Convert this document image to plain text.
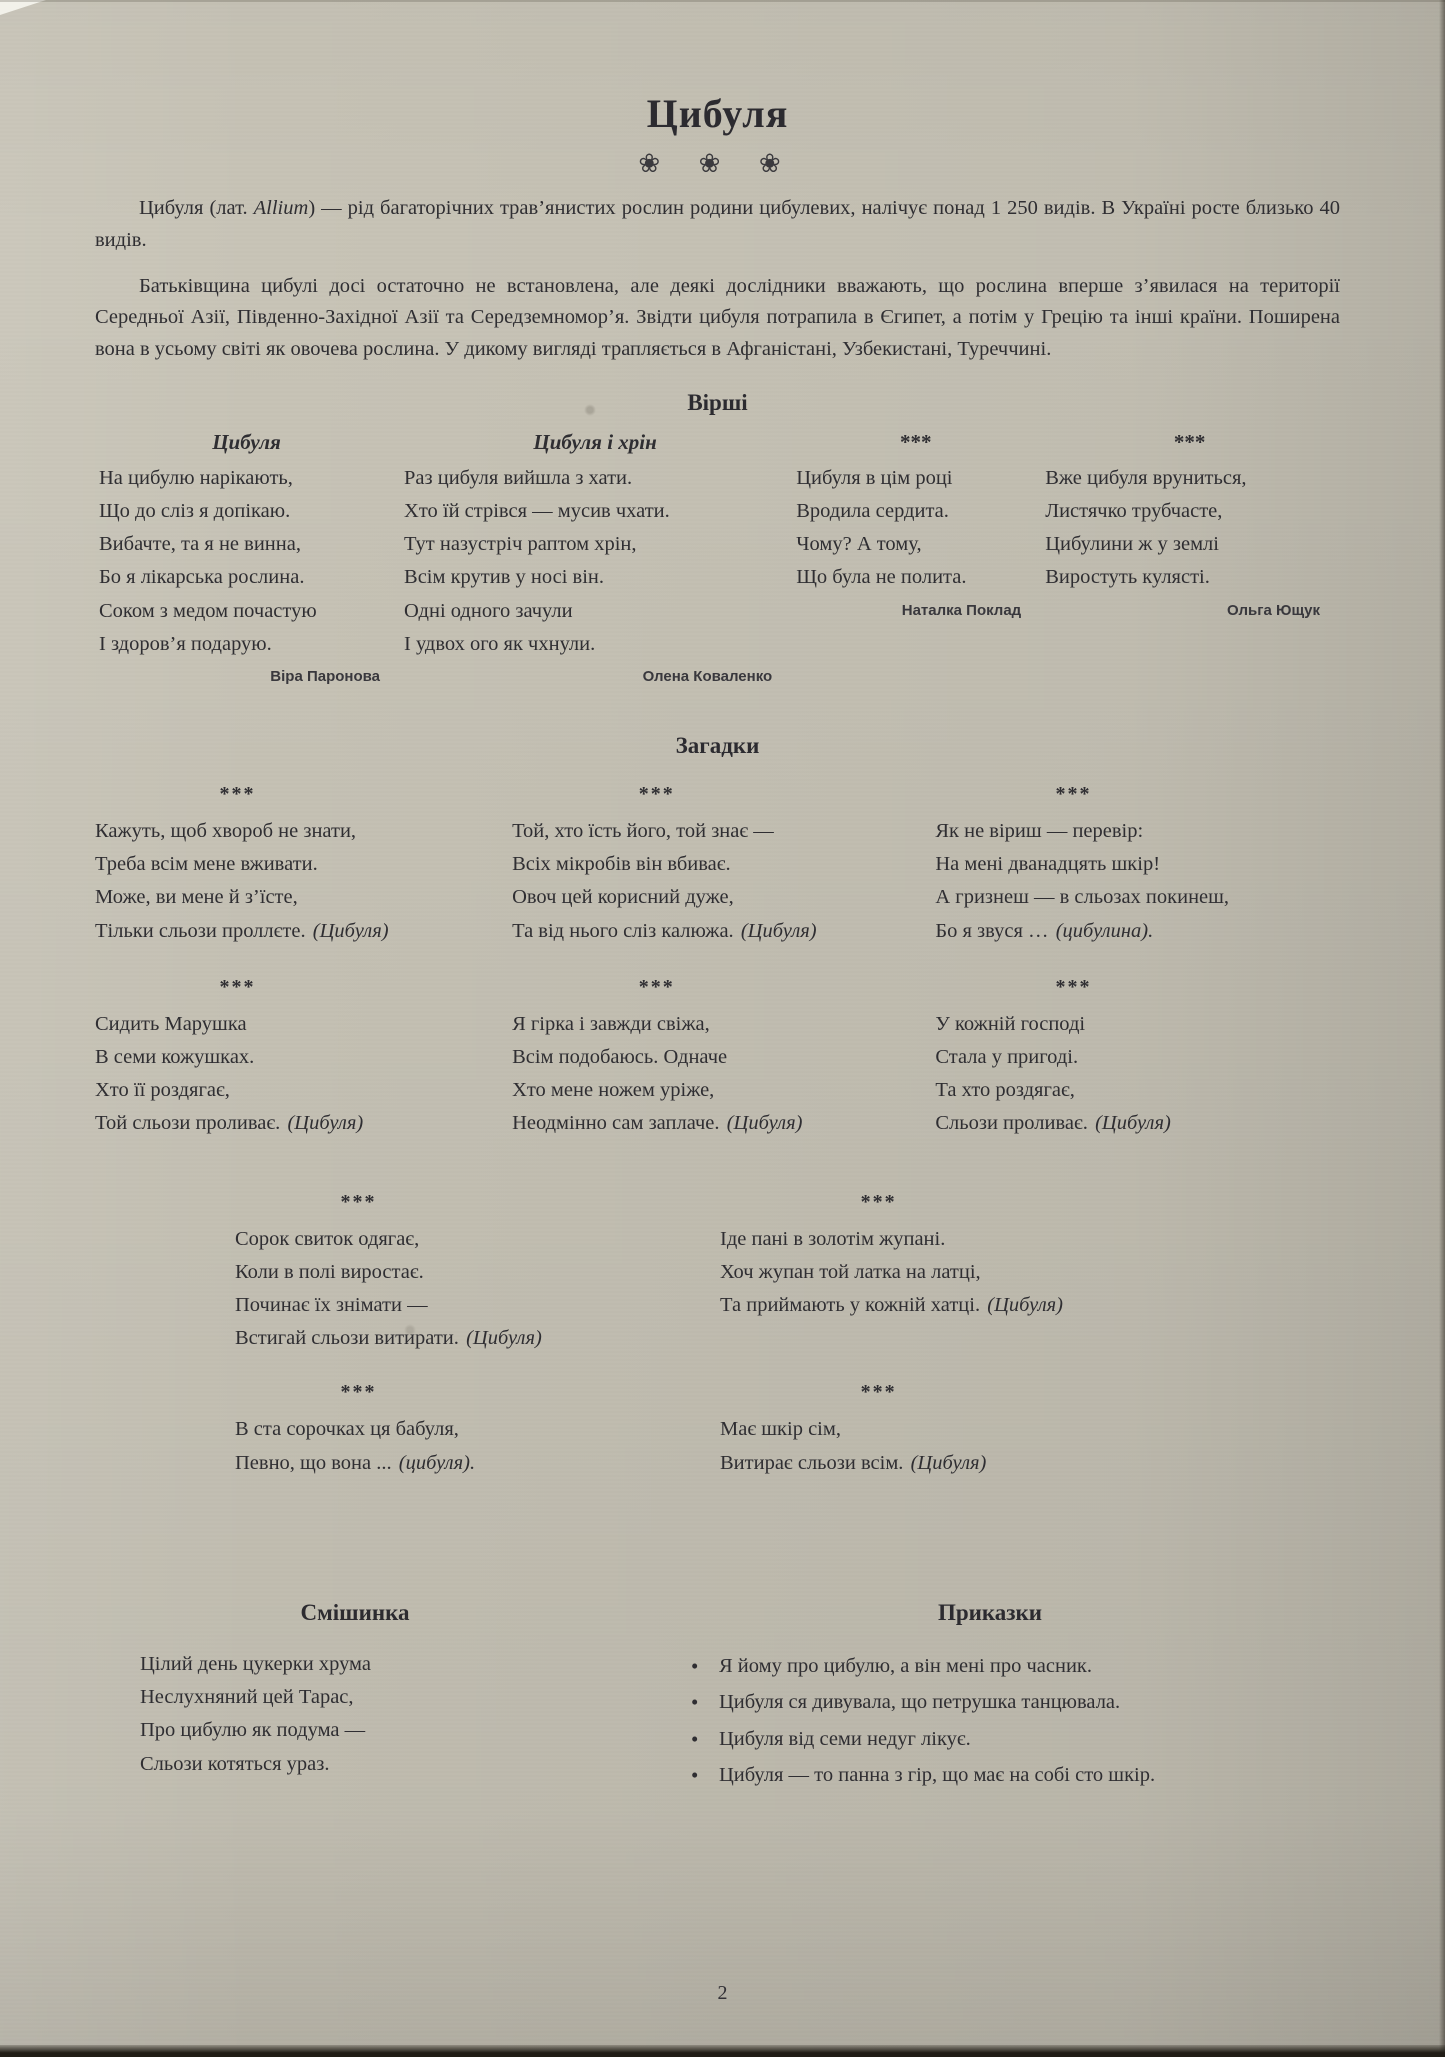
Цибуля
❀ ❀ ❀

Цибуля (лат. Allium) — рід багаторічних трав’янистих рослин родини цибулевих, налічує понад 1 250 видів. В Україні росте близько 40 видів.

Батьківщина цибулі досі остаточно не встановлена, але деякі дослідники вважають, що рослина вперше з’явилася на території Середньої Азії, Південно-Західної Азії та Середземномор’я. Звідти цибуля потрапила в Єгипет, а потім у Грецію та інші країни. Поширена вона в усьому світі як овочева рослина. У дикому вигляді трапляється в Афганістані, Узбекистані, Туреччині.

Вірші
Цибуля
На цибулю нарікають,
Що до сліз я допікаю.
Вибачте, та я не винна,
Бо я лікарська рослина.
Соком з медом почастую
І здоров’я подарую.
Віра Паронова
Цибуля і хрін
Раз цибуля вийшла з хати.
Хто їй стрівся — мусив чхати.
Тут назустріч раптом хрін,
Всім крутив у носі він.
Одні одного зачули
І удвох ого як чхнули.
Олена Коваленко
***
Цибуля в цім році
Вродила сердита.
Чому? А тому,
Що була не полита.
Наталка Поклад
***
Вже цибуля вруниться,
Листячко трубчасте,
Цибулини ж у землі
Виростуть кулясті.
Ольга Ющук
Загадки
***
Кажуть, щоб хвороб не знати,
Треба всім мене вживати.
Може, ви мене й з’їсте,
Тільки сльози проллєте. (Цибуля)
***
Той, хто їсть його, той знає —
Всіх мікробів він вбиває.
Овоч цей корисний дуже,
Та від нього сліз калюжа. (Цибуля)
***
Як не віриш — перевір:
На мені дванадцять шкір!
А гризнеш — в сльозах покинеш,
Бо я звуся … (цибулина).
***
Сидить Марушка
В семи кожушках.
Хто її роздягає,
Той сльози проливає. (Цибуля)
***
Я гірка і завжди свіжа,
Всім подобаюсь. Одначе
Хто мене ножем уріже,
Неодмінно сам заплаче. (Цибуля)
***
У кожній господі
Стала у пригоді.
Та хто роздягає,
Сльози проливає. (Цибуля)
***
Сорок свиток одягає,
Коли в полі виростає.
Починає їх знімати —
Встигай сльози витирати. (Цибуля)
***
Іде пані в золотім жупані.
Хоч жупан той латка на латці,
Та приймають у кожній хатці. (Цибуля)
***
В ста сорочках ця бабуля,
Певно, що вона ... (цибуля).
***
Має шкір сім,
Витирає сльози всім. (Цибуля)
Смішинка
Цілий день цукерки хрума
Неслухняний цей Тарас,
Про цибулю як подума —
Сльози котяться ураз.
Приказки
• Я йому про цибулю, а він мені про часник.
• Цибуля ся дивувала, що петрушка танцювала.
• Цибуля від семи недуг лікує.
• Цибуля — то панна з гір, що має на собі сто шкір.
2
